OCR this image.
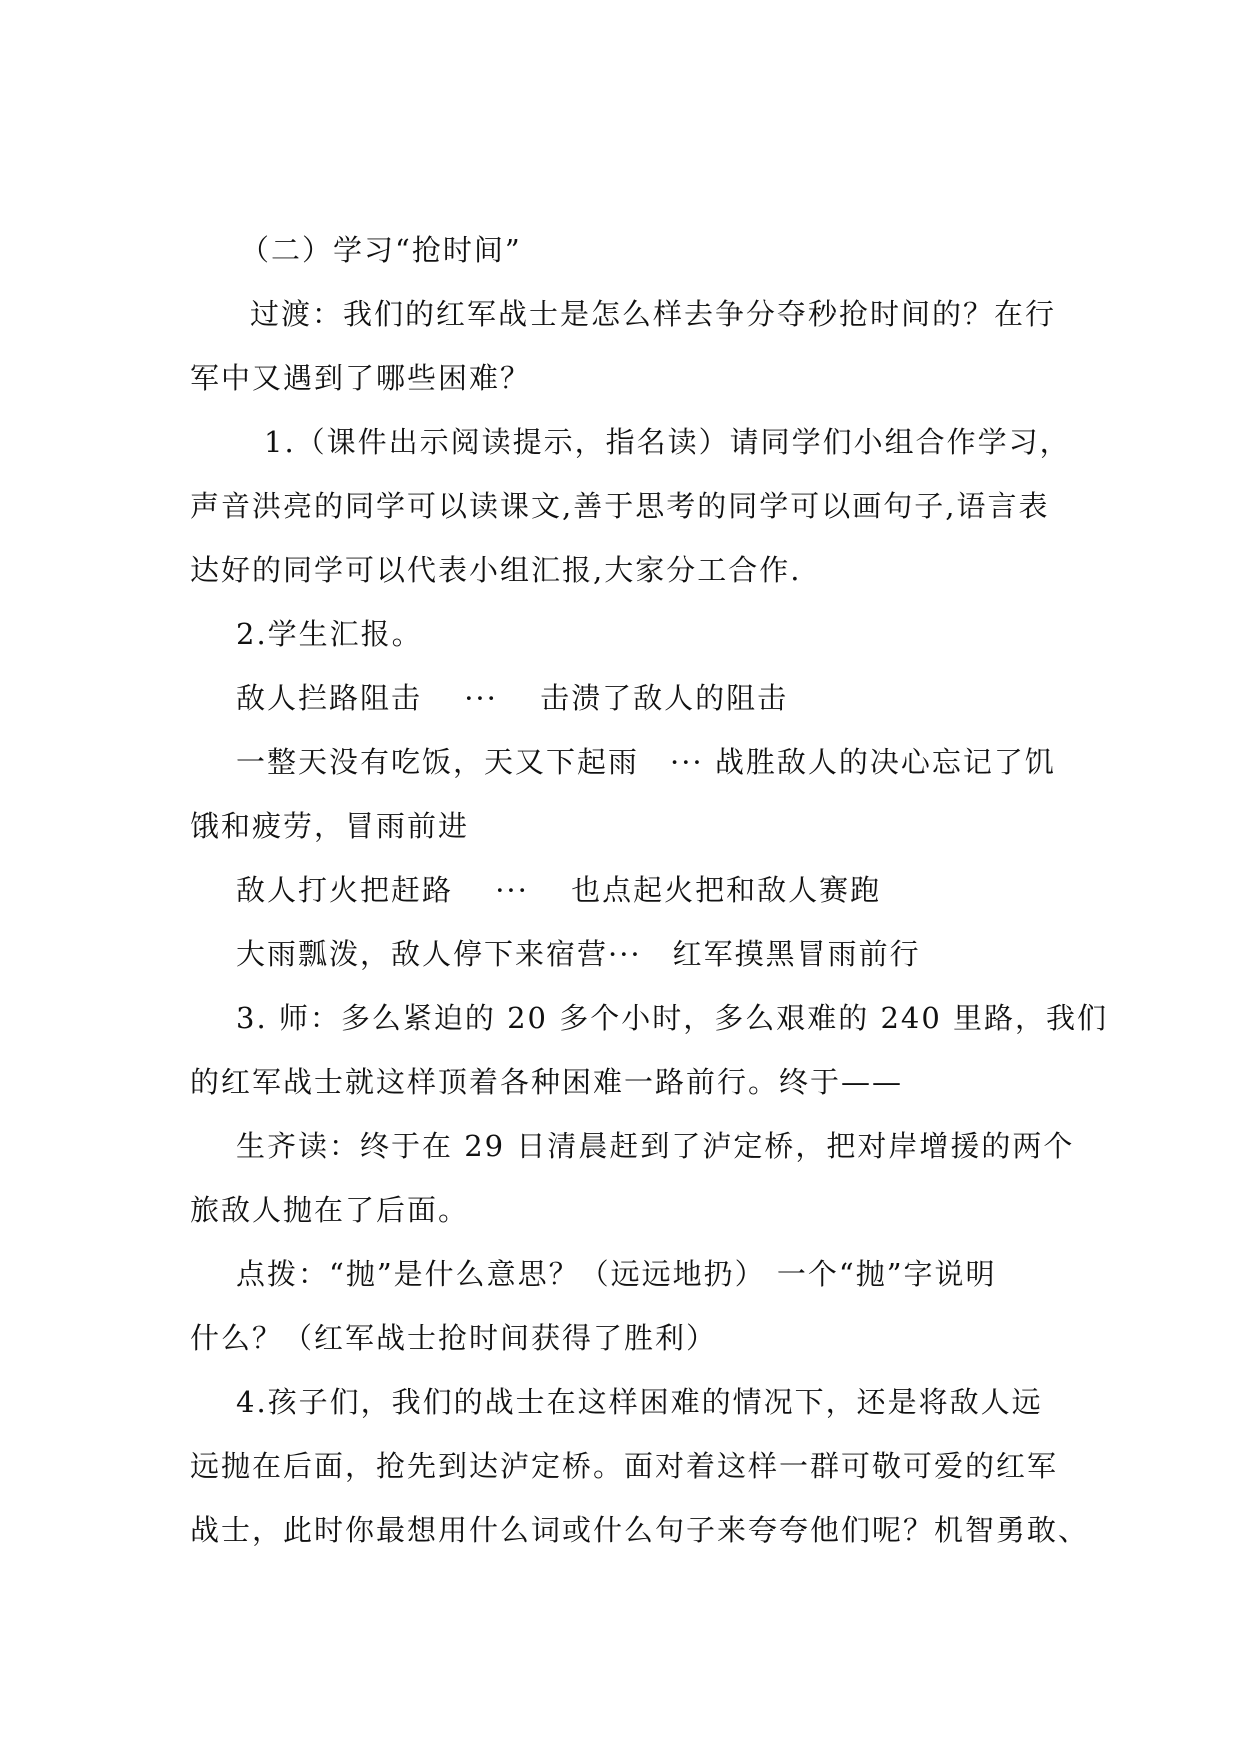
（二）学习“抢时间”
过渡：我们的红军战士是怎么样去争分夺秒抢时间的？在行
军中又遇到了哪些困难？
1.（课件出示阅读提示，指名读）请同学们小组合作学习，
声音洪亮的同学可以读课文,善于思考的同学可以画句子,语言表
达好的同学可以代表小组汇报,大家分工合作.
2.学生汇报。
敌人拦路阻击　 ···　 击溃了敌人的阻击
一整天没有吃饭，天又下起雨　··· 战胜敌人的决心忘记了饥
饿和疲劳，冒雨前进
敌人打火把赶路　 ···　 也点起火把和敌人赛跑
大雨瓢泼，敌人停下来宿营···　红军摸黑冒雨前行
3. 师：多么紧迫的 20 多个小时，多么艰难的 240 里路，我们
的红军战士就这样顶着各种困难一路前行。终于——
生齐读：终于在 29 日清晨赶到了泸定桥，把对岸增援的两个
旅敌人抛在了后面。
点拨：“抛”是什么意思？（远远地扔） 一个“抛”字说明
什么？（红军战士抢时间获得了胜利）
4.孩子们，我们的战士在这样困难的情况下，还是将敌人远
远抛在后面，抢先到达泸定桥。面对着这样一群可敬可爱的红军
战士，此时你最想用什么词或什么句子来夸夸他们呢？机智勇敢、
